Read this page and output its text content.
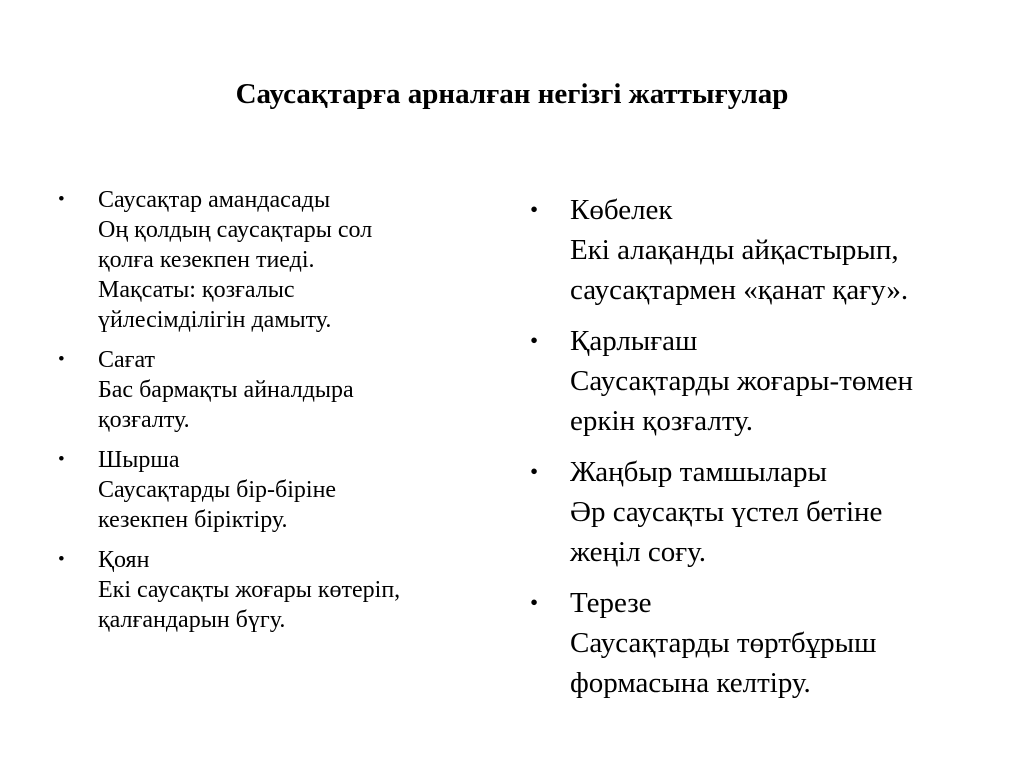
Саусақтарға арналған негізгі жаттығулар
• Саусақтар амандасады
Оң қолдың саусақтары сол
қолға кезекпен тиеді.
Мақсаты: қозғалыс
үйлесімділігін дамыту.
• Сағат
Бас бармақты айналдыра
қозғалту.
• Шырша
Саусақтарды бір-біріне
кезекпен біріктіру.
• Қоян
Екі саусақты жоғары көтеріп,
қалғандарын бүгу.
• Көбелек
Екі алақанды айқастырып,
саусақтармен «қанат қағу».
• Қарлығаш
Саусақтарды жоғары-төмен
еркін қозғалту.
• Жаңбыр тамшылары
Әр саусақты үстел бетіне
жеңіл соғу.
• Терезе
Саусақтарды төртбұрыш
формасына келтіру.
